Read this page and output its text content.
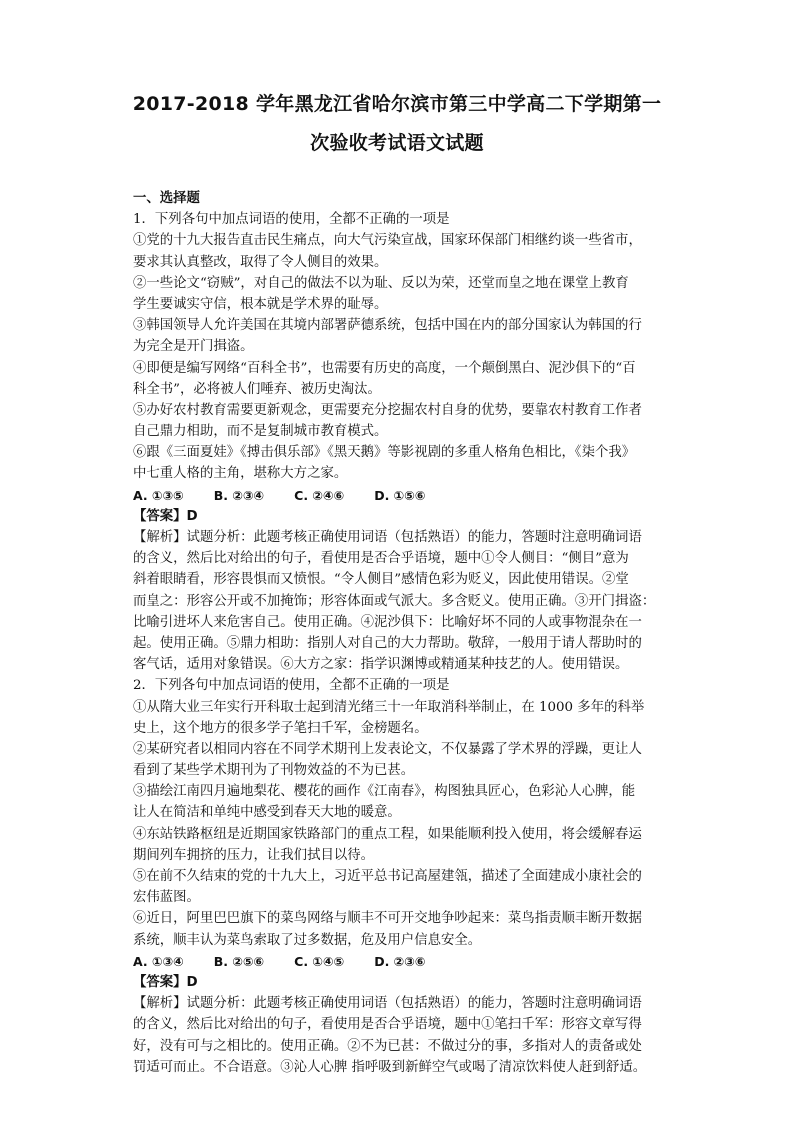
2017-2018 学年黑龙江省哈尔滨市第三中学高二下学期第一
次验收考试语文试题
一、选择题
1．下列各句中加点词语的使用，全都不正确的一项是
①党的十九大报告直击民生痛点，向大气污染宣战，国家环保部门相继约谈一些省市，
要求其认真整改，取得了令人侧目的效果。
②一些论文“窃贼”，对自己的做法不以为耻、反以为荣，还堂而皇之地在课堂上教育
学生要诚实守信，根本就是学术界的耻辱。
③韩国领导人允许美国在其境内部署萨德系统，包括中国在内的部分国家认为韩国的行
为完全是开门揖盗。
④即便是编写网络“百科全书”，也需要有历史的高度，一个颠倒黑白、泥沙俱下的“百
科全书”，必将被人们唾弃、被历史淘汰。
⑤办好农村教育需要更新观念，更需要充分挖掘农村自身的优势，要靠农村教育工作者
自己鼎力相助，而不是复制城市教育模式。
⑥跟《三面夏娃》《搏击俱乐部》《黑天鹅》等影视剧的多重人格角色相比，《柒个我》
中七重人格的主角，堪称大方之家。
A. ①③⑤ B. ②③④ C. ②④⑥ D. ①⑤⑥
【答案】D
【解析】试题分析：此题考核正确使用词语（包括熟语）的能力，答题时注意明确词语
的含义，然后比对给出的句子，看使用是否合乎语境，题中①令人侧目：“侧目”意为
斜着眼睛看，形容畏惧而又愤恨。“令人侧目”感情色彩为贬义，因此使用错误。②堂
而皇之：形容公开或不加掩饰；形容体面或气派大。多含贬义。使用正确。③开门揖盗：
比喻引进坏人来危害自己。使用正确。④泥沙俱下：比喻好坏不同的人或事物混杂在一
起。使用正确。⑤鼎力相助：指别人对自己的大力帮助。敬辞，一般用于请人帮助时的
客气话，适用对象错误。⑥大方之家：指学识渊博或精通某种技艺的人。使用错误。
2．下列各句中加点词语的使用，全都不正确的一项是
①从隋大业三年实行开科取士起到清光绪三十一年取消科举制止，在 1000 多年的科举
史上，这个地方的很多学子笔扫千军，金榜题名。
②某研究者以相同内容在不同学术期刊上发表论文，不仅暴露了学术界的浮躁，更让人
看到了某些学术期刊为了刊物效益的不为已甚。
③描绘江南四月遍地梨花、樱花的画作《江南春》，构图独具匠心，色彩沁人心脾，能
让人在简洁和单纯中感受到春天大地的暖意。
④东站铁路枢纽是近期国家铁路部门的重点工程，如果能顺利投入使用，将会缓解春运
期间列车拥挤的压力，让我们拭目以待。
⑤在前不久结束的党的十九大上，习近平总书记高屋建瓴，描述了全面建成小康社会的
宏伟蓝图。
⑥近日，阿里巴巴旗下的菜鸟网络与顺丰不可开交地争吵起来：菜鸟指责顺丰断开数据
系统，顺丰认为菜鸟索取了过多数据，危及用户信息安全。
A. ①③④ B. ②⑤⑥ C. ①④⑤ D. ②③⑥
【答案】D
【解析】试题分析：此题考核正确使用词语（包括熟语）的能力，答题时注意明确词语
的含义，然后比对给出的句子，看使用是否合乎语境，题中①笔扫千军：形容文章写得
好，没有可与之相比的。使用正确。②不为已甚：不做过分的事，多指对人的责备或处
罚适可而止。不合语意。③沁人心脾 指呼吸到新鲜空气或喝了清凉饮料使人赶到舒适。
